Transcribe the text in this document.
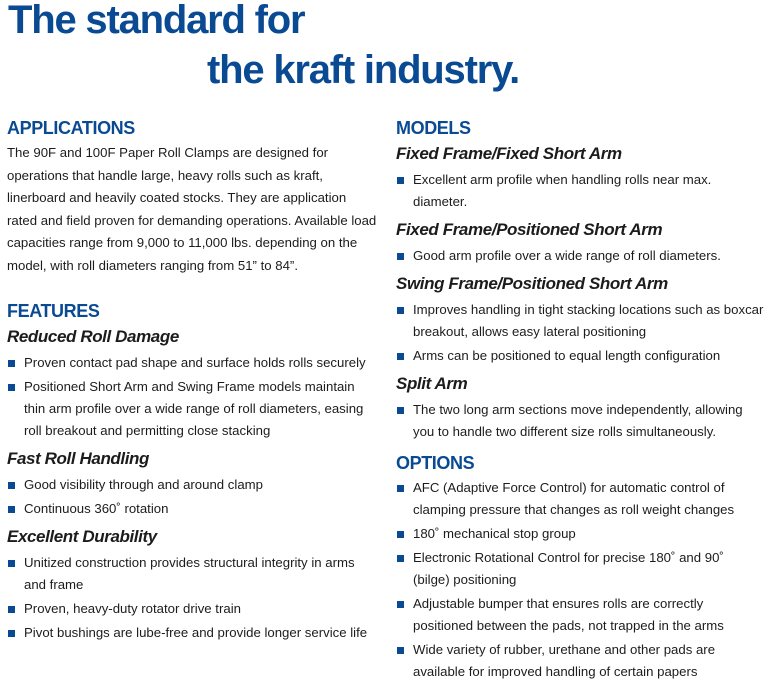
The standard for
the kraft industry.
APPLICATIONS

The 90F and 100F Paper Roll Clamps are designed for operations that handle large, heavy rolls such as kraft, linerboard and heavily coated stocks. They are application rated and field proven for demanding operations. Available load capacities range from 9,000 to 11,000 lbs. depending on the model, with roll diameters ranging from 51” to 84”.

FEATURES
Reduced Roll Damage
Proven contact pad shape and surface holds rolls securely
Positioned Short Arm and Swing Frame models maintain thin arm profile over a wide range of roll diameters, easing roll breakout and permitting close stacking
Fast Roll Handling
Good visibility through and around clamp
Continuous 360˚ rotation
Excellent Durability
Unitized construction provides structural integrity in arms and frame
Proven, heavy-duty rotator drive train
Pivot bushings are lube-free and provide longer service life
MODELS
Fixed Frame/Fixed Short Arm
Excellent arm profile when handling rolls near max. diameter.
Fixed Frame/Positioned Short Arm
Good arm profile over a wide range of roll diameters.
Swing Frame/Positioned Short Arm
Improves handling in tight stacking locations such as boxcar breakout, allows easy lateral positioning
Arms can be positioned to equal length configuration
Split Arm
The two long arm sections move independently, allowing you to handle two different size rolls simultaneously.
OPTIONS
AFC (Adaptive Force Control) for automatic control of clamping pressure that changes as roll weight changes
180˚ mechanical stop group
Electronic Rotational Control for precise 180˚ and 90˚ (bilge) positioning
Adjustable bumper that ensures rolls are correctly positioned between the pads, not trapped in the arms
Wide variety of rubber, urethane and other pads are available for improved handling of certain papers
